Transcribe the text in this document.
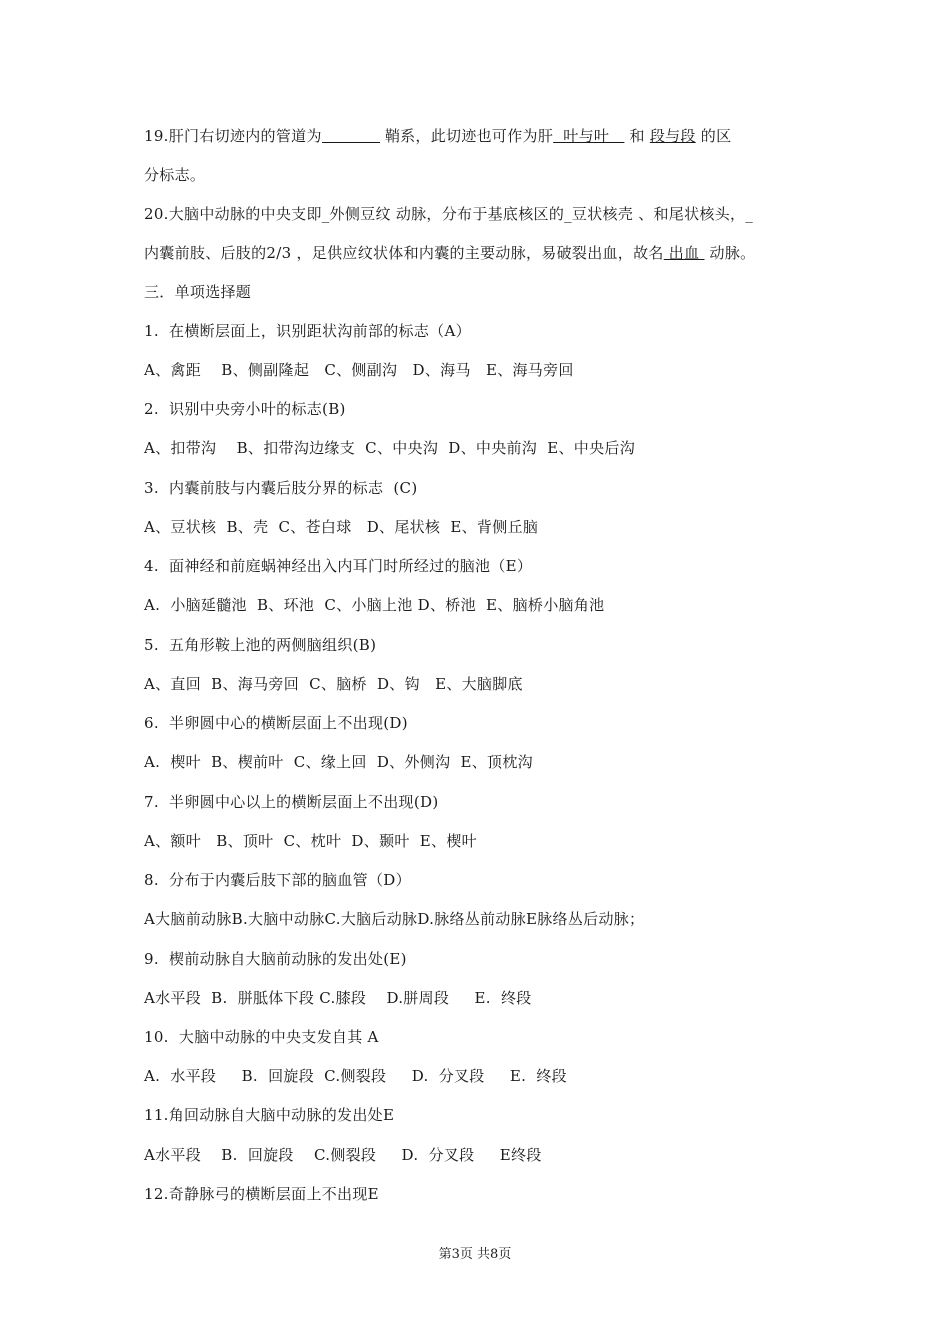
19.肝门右切迹内的管道为	鞘系，此切迹也可作为肝  叶与叶    和 段与段 的区
分标志。
20.大脑中动脉的中央支即_外侧豆纹 动脉，分布于基底核区的_豆状核壳 、和尾状核头，_
内囊前肢、后肢的2/3 ，足供应纹状体和内囊的主要动脉，易破裂出血，故名 出血  动脉。
三．单项选择题
1.  在横断层面上，识别距状沟前部的标志（A）
A、禽距    B、侧副隆起   C、侧副沟   D、海马   E、海马旁回
2.  识别中央旁小叶的标志(B)
A、扣带沟    B、扣带沟边缘支  C、中央沟  D、中央前沟  E、中央后沟
3.  内囊前肢与内囊后肢分界的标志  (C)
A、豆状核  B、壳  C、苍白球   D、尾状核  E、背侧丘脑
4.  面神经和前庭蜗神经出入内耳门时所经过的脑池（E）
A.  小脑延髓池  B、环池  C、小脑上池 D、桥池  E、脑桥小脑角池
5.  五角形鞍上池的两侧脑组织(B)
A、直回  B、海马旁回  C、脑桥  D、钩   E、大脑脚底
6.  半卵圆中心的横断层面上不出现(D)
A.  楔叶  B、楔前叶  C、缘上回  D、外侧沟  E、顶枕沟
7.  半卵圆中心以上的横断层面上不出现(D)
A、额叶   B、顶叶  C、枕叶  D、颞叶  E、楔叶
8.  分布于内囊后肢下部的脑血管（D）
A大脑前动脉B.大脑中动脉C.大脑后动脉D.脉络丛前动脉E脉络丛后动脉；
9.  楔前动脉自大脑前动脉的发出处(E)
A水平段  B.  胼胝体下段 C.膝段    D.胼周段     E.  终段
10.  大脑中动脉的中央支发自其 A
A.  水平段     B.  回旋段  C.侧裂段     D.  分叉段     E.  终段
11.角回动脉自大脑中动脉的发出处E
A水平段    B.  回旋段    C.侧裂段     D.  分叉段     E终段
12.奇静脉弓的横断层面上不出现E
第3页 共8页
